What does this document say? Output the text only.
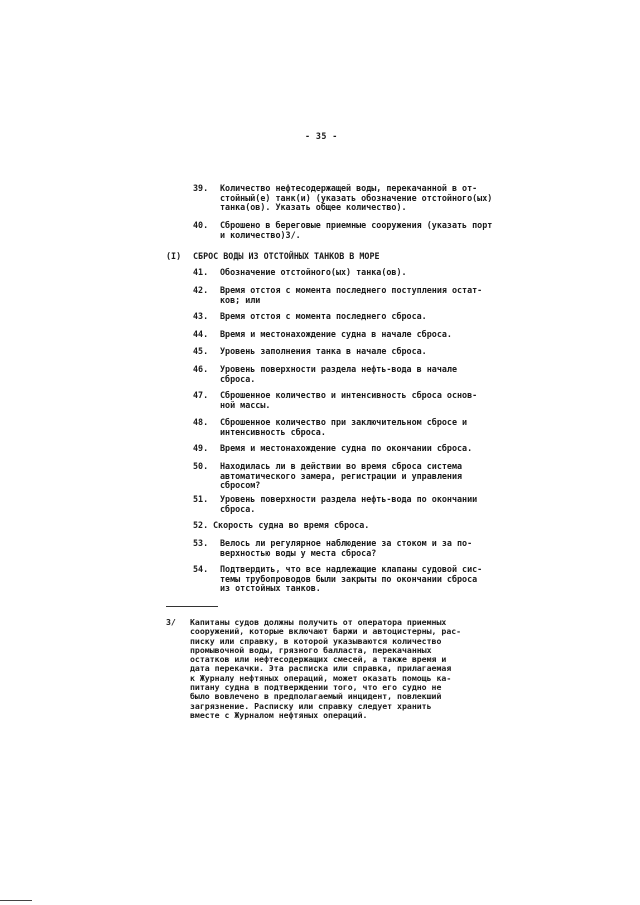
- 35 -
39. Количество нефтесодержащей воды, перекачанной в от-
стойный(е) танк(и) (указать обозначение отстойного(ых)
танка(ов). Указать общее количество).
40. Сброшено в береговые приемные сооружения (указать порт
и количество)3/.
(I) СБРОС ВОДЫ ИЗ ОТСТОЙНЫХ ТАНКОВ В МОРЕ
41. Обозначение отстойного(ых) танка(ов).
42. Время отстоя с момента последнего поступления остат-
ков; или
43. Время отстоя с момента последнего сброса.
44. Время и местонахождение судна в начале сброса.
45. Уровень заполнения танка в начале сброса.
46. Уровень поверхности раздела нефть-вода в начале
сброса.
47. Сброшенное количество и интенсивность сброса основ-
ной массы.
48. Сброшенное количество при заключительном сбросе и
интенсивность сброса.
49. Время и местонахождение судна по окончании сброса.
50. Находилась ли в действии во время сброса система
автоматического замера, регистрации и управления
сбросом?
51. Уровень поверхности раздела нефть-вода по окончании
сброса.
52. Скорость судна во время сброса.
53. Велось ли регулярное наблюдение за стоком и за по-
верхностью воды у места сброса?
54. Подтвердить, что все надлежащие клапаны судовой сис-
темы трубопроводов были закрыты по окончании сброса
из отстойных танков.
3/ Капитаны судов должны получить от оператора приемных
сооружений, которые включают баржи и автоцистерны, рас-
писку или справку, в которой указываются количество
промывочной воды, грязного балласта, перекачанных
остатков или нефтесодержащих смесей, а также время и
дата перекачки. Эта расписка или справка, прилагаемая
к Журналу нефтяных операций, может оказать помощь ка-
питану судна в подтверждении того, что его судно не
было вовлечено в предполагаемый инцидент, повлекший
загрязнение. Расписку или справку следует хранить
вместе с Журналом нефтяных операций.
